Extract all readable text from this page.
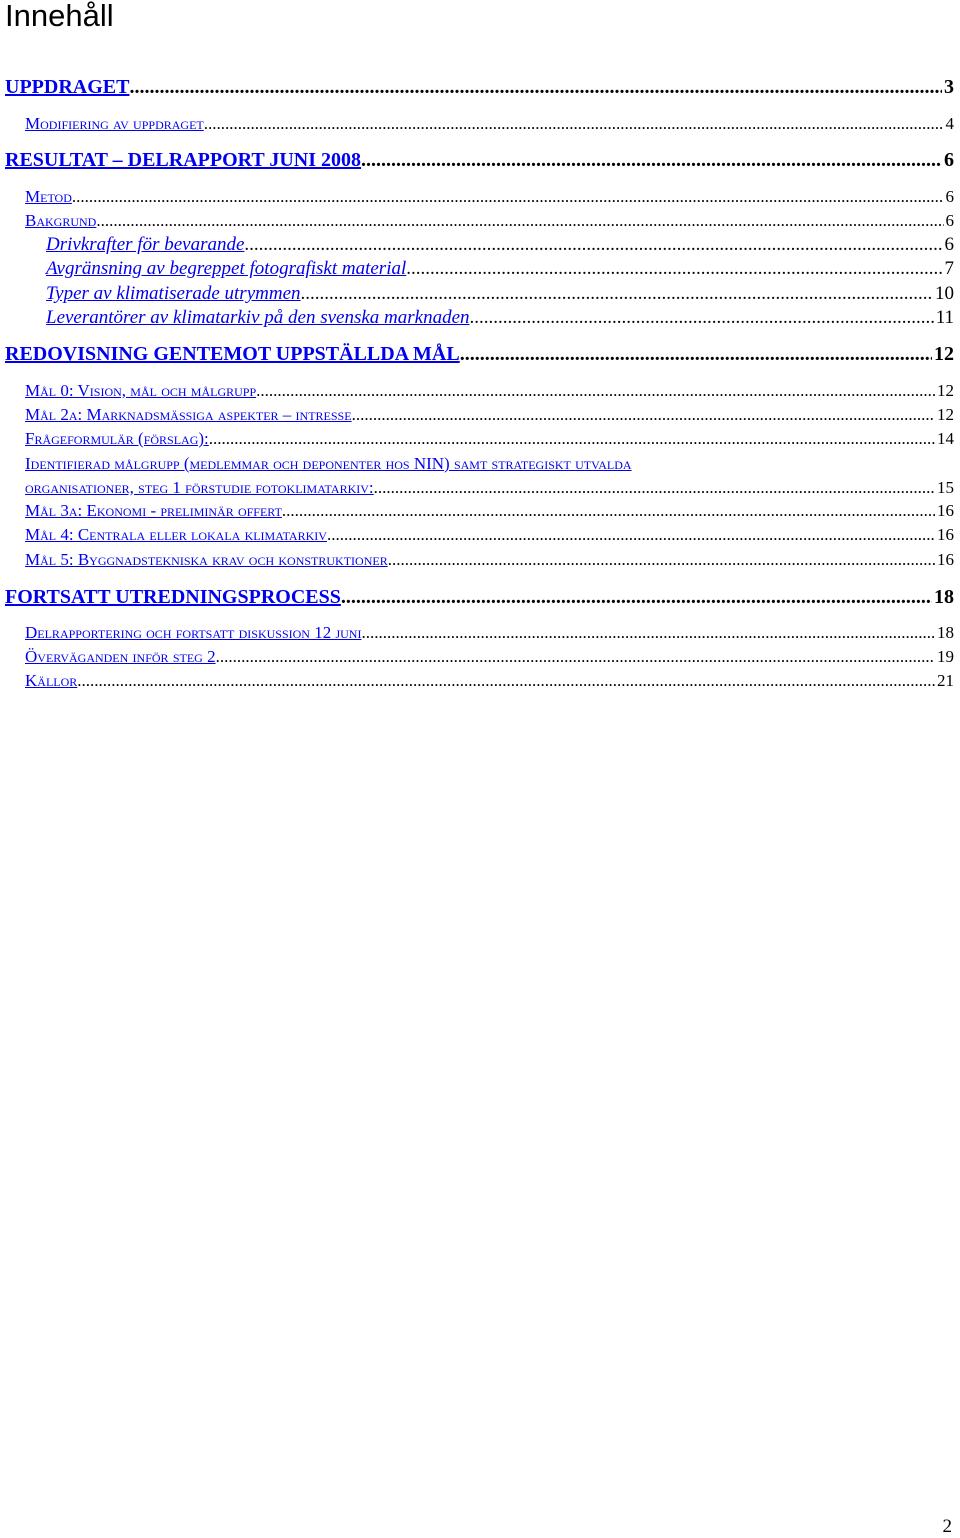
Innehåll
UPPDRAGET .....	3
Modifiering av uppdraget .....	4
RESULTAT – DELRAPPORT JUNI 2008 .....	6
Metod .....	6
Bakgrund .....	6
Drivkrafter för bevarande .....	6
Avgränsning av begreppet fotografiskt material .....	7
Typer av klimatiserade utrymmen .....	10
Leverantörer av klimatarkiv på den svenska marknaden .....	11
REDOVISNING GENTEMOT UPPSTÄLLDA MÅL .....	12
Mål 0: Vision, mål och målgrupp .....	12
Mål 2a: Marknadsmässiga aspekter – intresse .....	12
Frågeformulär (förslag): .....	14
Identifierad målgrupp (medlemmar och deponenter hos NIN) samt strategiskt utvalda
organisationer, steg 1 förstudie fotoklimatarkiv: .....	15
Mål 3a: Ekonomi - preliminär offert .....	16
Mål 4: Centrala eller lokala klimatarkiv .....	16
Mål 5: Byggnadstekniska krav och konstruktioner .....	16
FORTSATT UTREDNINGSPROCESS .....	18
Delrapportering och fortsatt diskussion 12 juni .....	18
Överväganden inför steg 2 .....	19
Källor .....	21
2
